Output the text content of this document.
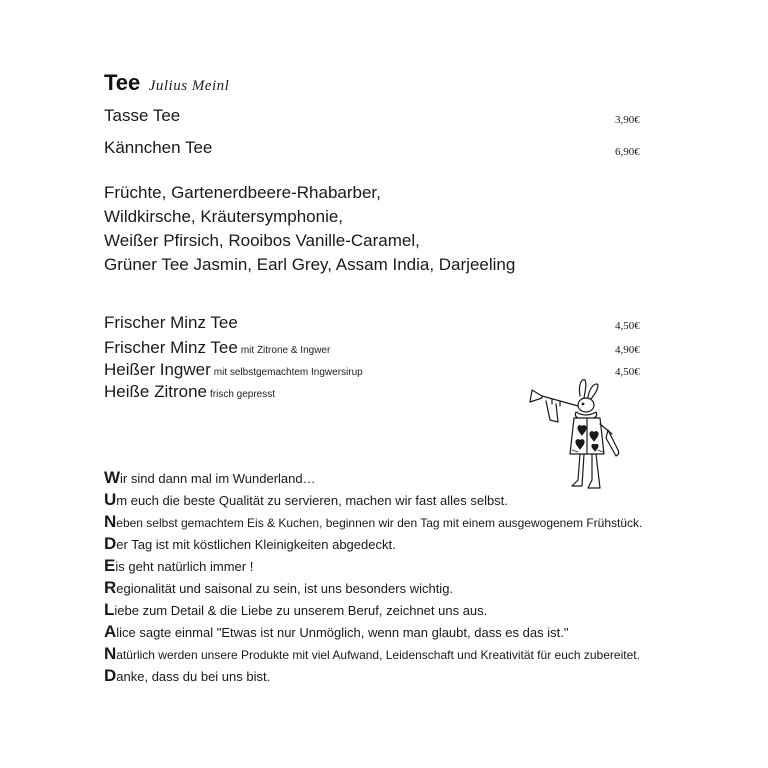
Tee Julius Meinl
Tasse Tee	3,90€
Kännchen Tee	6,90€
Früchte, Gartenerdbeere-Rhabarber,
Wildkirsche, Kräutersymphonie,
Weißer Pfirsich, Rooibos Vanille-Caramel,
Grüner Tee Jasmin, Earl Grey, Assam India, Darjeeling
Frischer Minz Tee	4,50€
Frischer Minz Tee mit Zitrone & Ingwer	4,90€
Heißer Ingwer mit selbstgemachtem Ingwersirup	4,50€
Heiße Zitrone frisch gepresst
Wir sind dann mal im Wunderland…
Um euch die beste Qualität zu servieren, machen wir fast alles selbst.
Neben selbst gemachtem Eis & Kuchen, beginnen wir den Tag mit einem ausgewogenem Frühstück.
Der Tag ist mit köstlichen Kleinigkeiten abgedeckt.
Eis geht natürlich immer !
Regionalität und saisonal zu sein, ist uns besonders wichtig.
Liebe zum Detail & die Liebe zu unserem Beruf, zeichnet uns aus.
Alice sagte einmal "Etwas ist nur Unmöglich, wenn man glaubt, dass es das ist."
Natürlich werden unsere Produkte mit viel Aufwand, Leidenschaft und Kreativität für euch zubereitet.
Danke, dass du bei uns bist.
